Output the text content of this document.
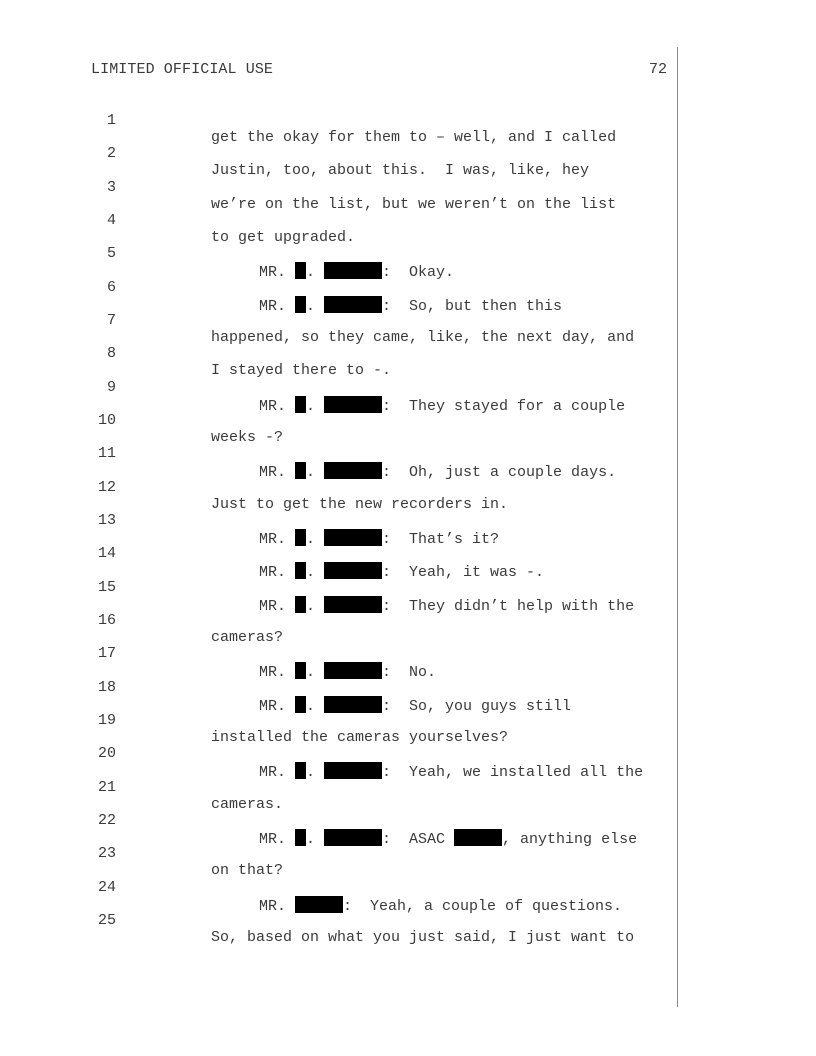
LIMITED OFFICIAL USE	72

1

get the okay for them to – well, and I called

2

Justin, too, about this.  I was, like, hey

3

we’re on the list, but we weren’t on the list

4

to get upgraded.

5

MR. .	:  Okay.

6

MR. .	:  So, but then this

7

happened, so they came, like, the next day, and

8

I stayed there to -.

9

MR. .	:  They stayed for a couple

10

weeks -?

11

MR. .	:  Oh, just a couple days.

12

Just to get the new recorders in.

13

MR. .	:  That’s it?

14

MR. .	:  Yeah, it was -.

15

MR. .	:  They didn’t help with the

16

cameras?

17

MR. .	:  No.

18

MR. .	:  So, you guys still

19

installed the cameras yourselves?

20

MR. .	:  Yeah, we installed all the

21

cameras.

22

MR. .	:  ASAC	, anything else

23

on that?

24

MR.	:  Yeah, a couple of questions.

25

So, based on what you just said, I just want to
